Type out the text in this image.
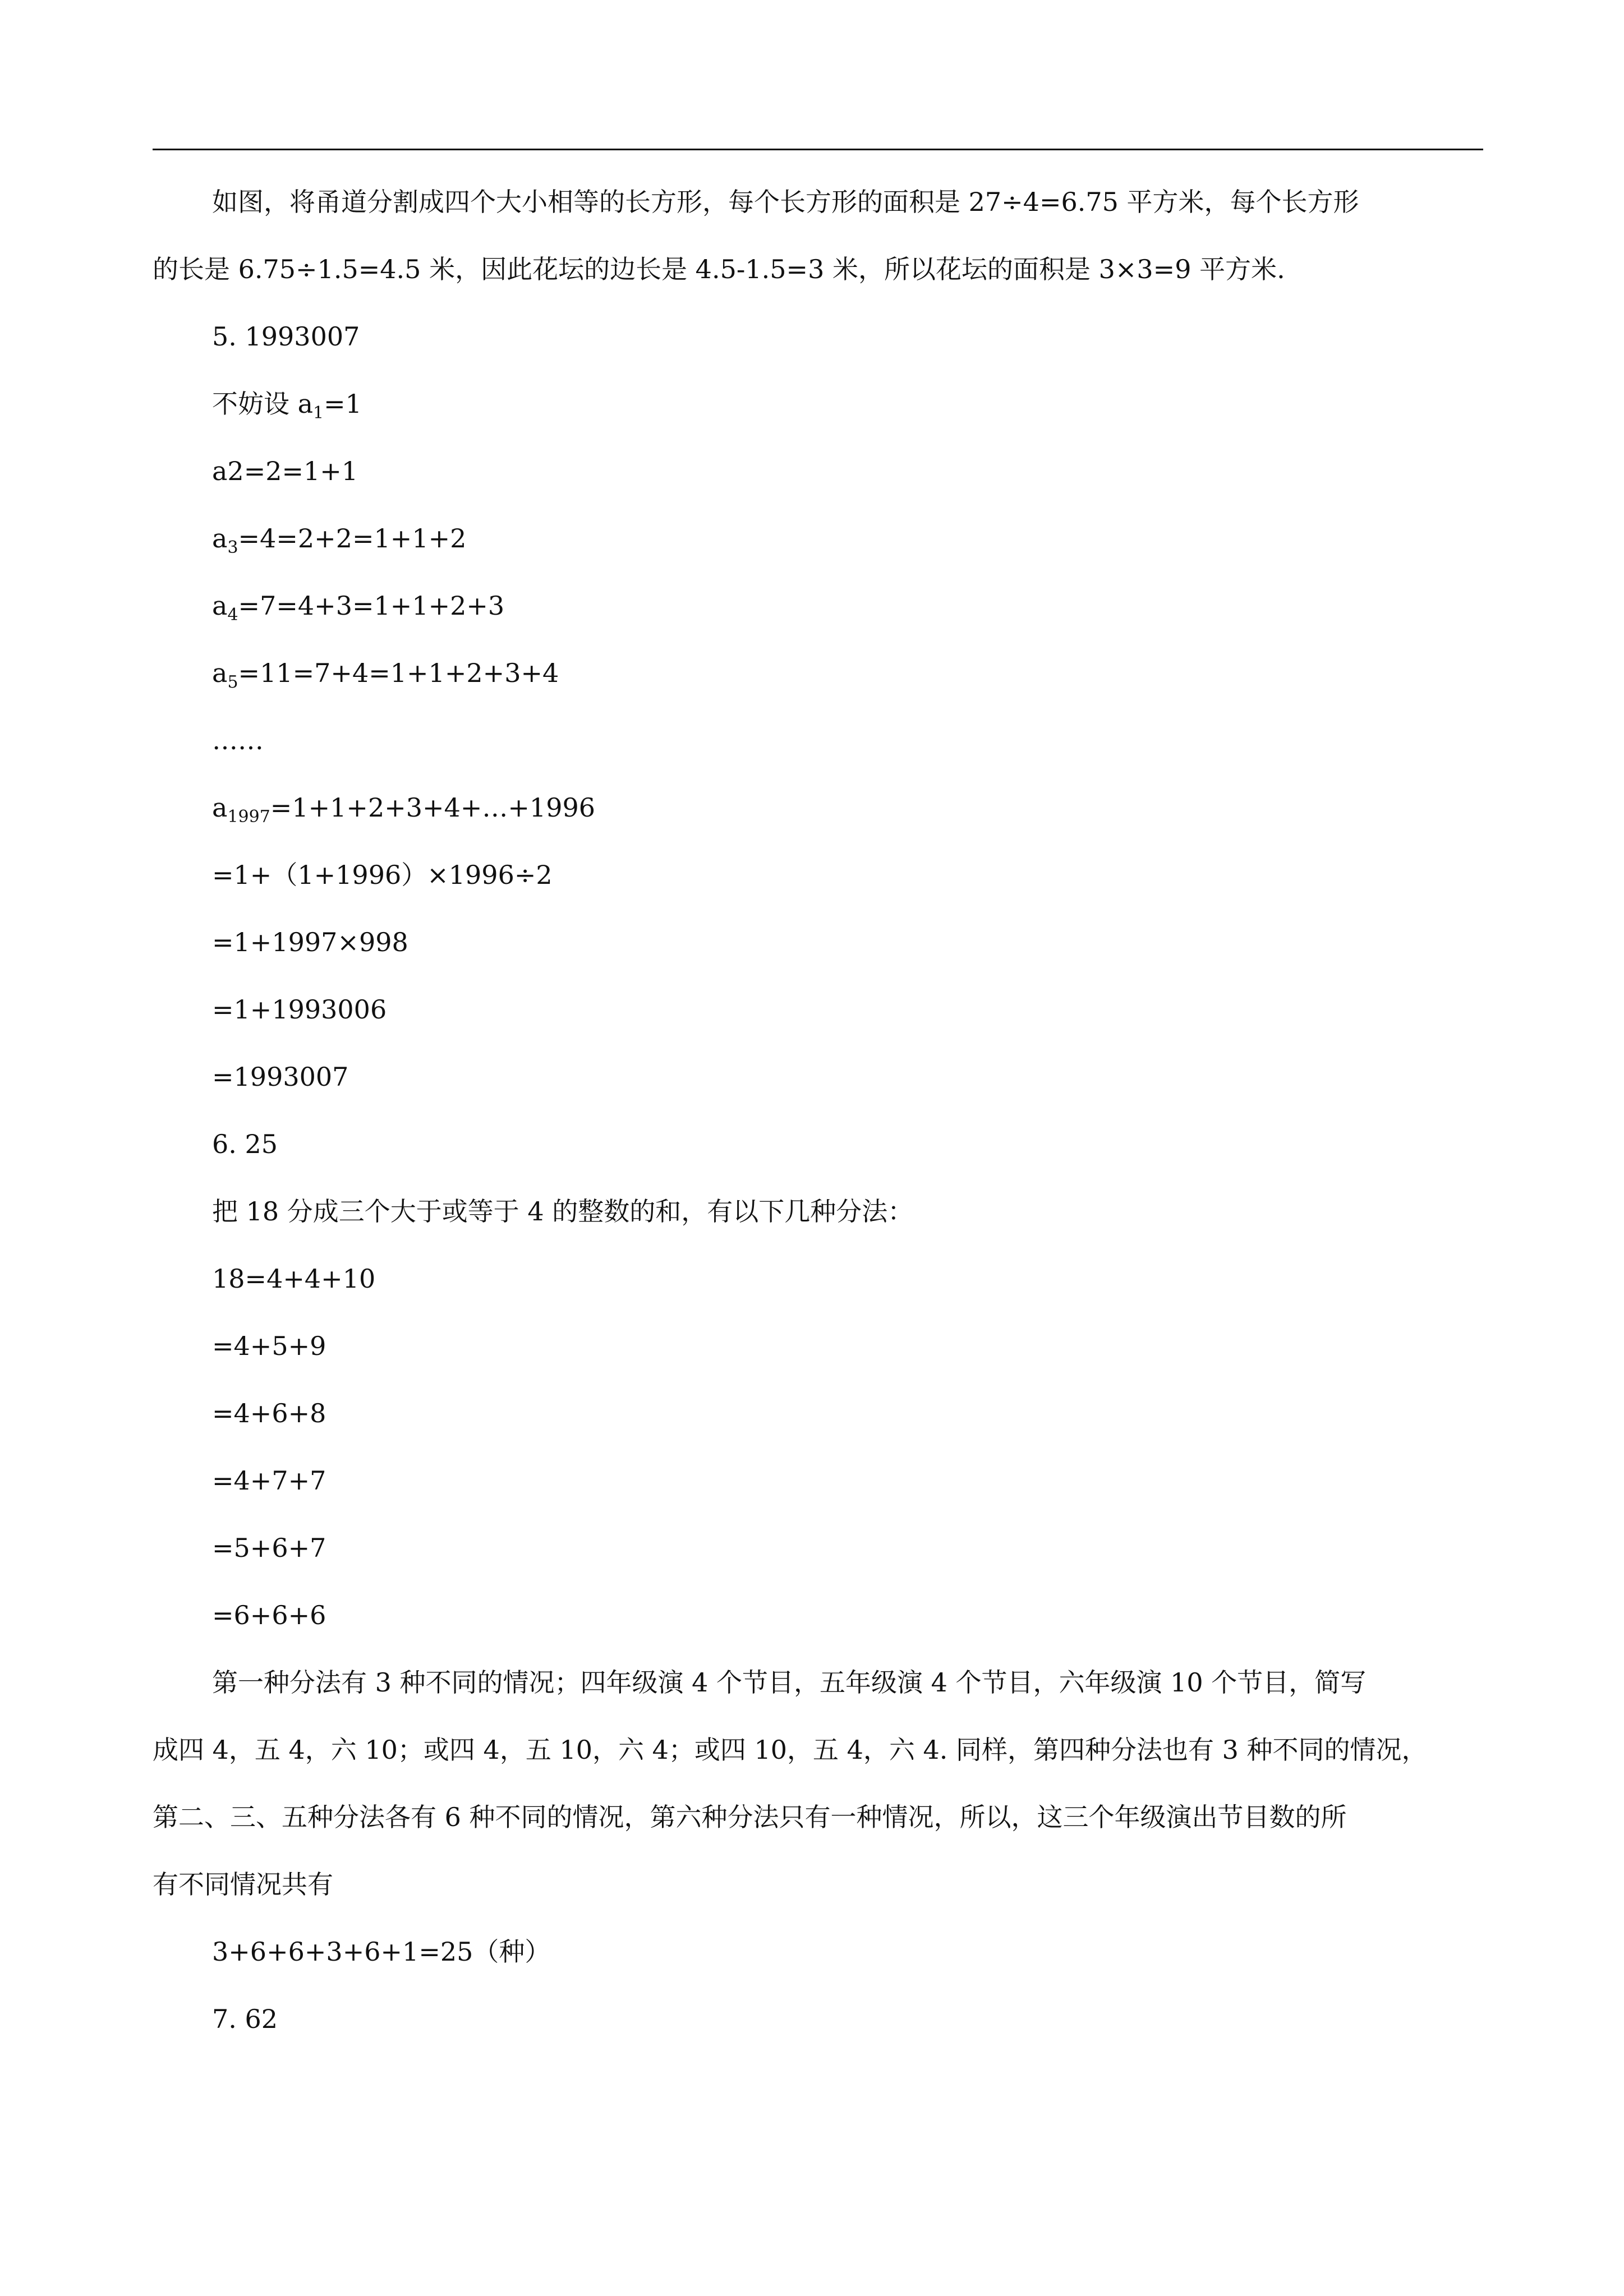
如图，将甬道分割成四个大小相等的长方形，每个长方形的面积是 27÷4=6.75 平方米，每个长方形

的长是 6.75÷1.5=4.5 米，因此花坛的边长是 4.5-1.5=3 米，所以花坛的面积是 3×3=9 平方米.

5. 1993007

不妨设 $a_1=1$

a2=2=1+1

$a_3=4=2+2=1+1+2$

$a_4=7=4+3=1+1+2+3$

$a_5=11=7+4=1+1+2+3+4$

……

$a_{1997}=1+1+2+3+4+\dots+1996$

=1+（1+1996）×1996÷2

=1+1997×998

=1+1993006

=1993007

6. 25

把 18 分成三个大于或等于 4 的整数的和，有以下几种分法：

18=4+4+10

=4+5+9

=4+6+8

=4+7+7

=5+6+7

=6+6+6

第一种分法有 3 种不同的情况；四年级演 4 个节目，五年级演 4 个节目，六年级演 10 个节目，简写

成四 4，五 4，六 10；或四 4，五 10，六 4；或四 10，五 4，六 4. 同样，第四种分法也有 3 种不同的情况，

第二、三、五种分法各有 6 种不同的情况，第六种分法只有一种情况，所以，这三个年级演出节目数的所

有不同情况共有

3+6+6+3+6+1=25（种）

7. 62
